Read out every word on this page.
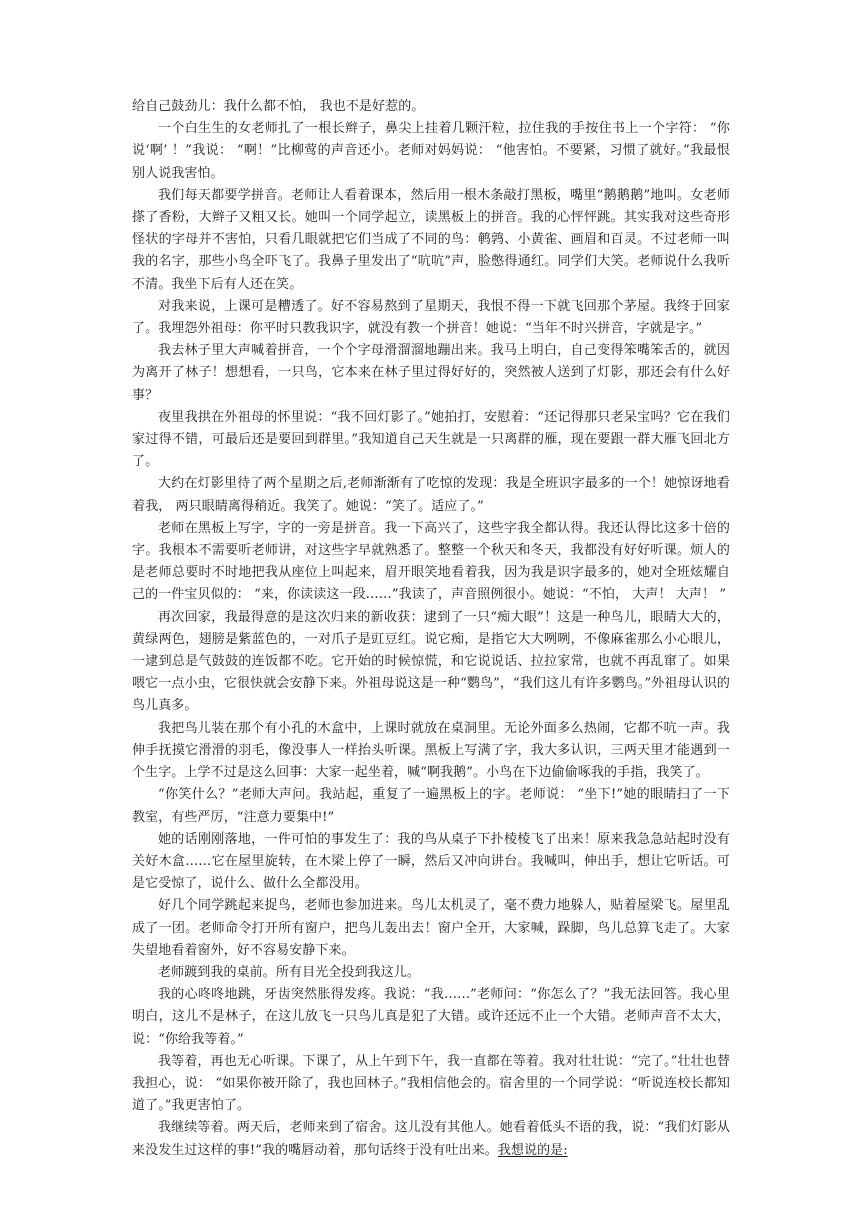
给自己鼓劲儿：我什么都不怕， 我也不是好惹的。

一个白生生的女老师扎了一根长辫子，鼻尖上挂着几颗汗粒，拉住我的手按住书上一个字符： “你说‘啊’ ！”我说： “啊！”比柳莺的声音还小。老师对妈妈说： “他害怕。不要紧，习惯了就好。”我最恨别人说我害怕。

我们每天都要学拼音。老师让人看着课本，然后用一根木条敲打黑板，嘴里“鹅鹅鹅”地叫。女老师搽了香粉，大辫子又粗又长。她叫一个同学起立，读黑板上的拼音。我的心怦怦跳。其实我对这些奇形怪状的字母并不害怕，只看几眼就把它们当成了不同的鸟：鹌鹑、小黄雀、画眉和百灵。不过老师一叫我的名字，那些小鸟全吓飞了。我鼻子里发出了“吭吭”声，脸憋得通红。同学们大笑。老师说什么我听不清。我坐下后有人还在笑。

对我来说，上课可是糟透了。好不容易熬到了星期天，我恨不得一下就飞回那个茅屋。我终于回家了。我埋怨外祖母：你平时只教我识字，就没有教一个拼音！她说：“当年不时兴拼音，字就是字。”

我去林子里大声喊着拼音，一个个字母滑溜溜地蹦出来。我马上明白，自己变得笨嘴笨舌的，就因为离开了林子！想想看，一只鸟，它本来在林子里过得好好的，突然被人送到了灯影，那还会有什么好事？

夜里我拱在外祖母的怀里说：“我不回灯影了。”她拍打，安慰着：“还记得那只老呆宝吗？它在我们家过得不错，可最后还是要回到群里。”我知道自己天生就是一只离群的雁，现在要跟一群大雁飞回北方了。

大约在灯影里待了两个星期之后,老师渐渐有了吃惊的发现：我是全班识字最多的一个！她惊讶地看着我， 两只眼睛离得稍近。我笑了。她说：“笑了。适应了。”

老师在黑板上写字，字的一旁是拼音。我一下高兴了，这些字我全都认得。我还认得比这多十倍的字。我根本不需要听老师讲，对这些字早就熟悉了。整整一个秋天和冬天，我都没有好好听课。烦人的是老师总要时不时地把我从座位上叫起来，眉开眼笑地看着我，因为我是识字最多的，她对全班炫耀自己的一件宝贝似的： “来，你读读这一段……”我读了，声音照例很小。她说：“不怕， 大声！ 大声！ ”

再次回家，我最得意的是这次归来的新收获：逮到了一只“痴大眼”！这是一种鸟儿，眼睛大大的，黄绿两色，翅膀是紫蓝色的，一对爪子是豇豆红。说它痴，是指它大大咧咧，不像麻雀那么小心眼儿，一逮到总是气鼓鼓的连饭都不吃。它开始的时候惊慌，和它说说话、拉拉家常，也就不再乱窜了。如果喂它一点小虫，它很快就会安静下来。外祖母说这是一种“鹦鸟”，“我们这儿有许多鹦鸟。”外祖母认识的鸟儿真多。

我把鸟儿装在那个有小孔的木盒中，上课时就放在桌洞里。无论外面多么热闹，它都不吭一声。我伸手抚摸它滑滑的羽毛，像没事人一样抬头听课。黑板上写满了字，我大多认识，三两天里才能遇到一个生字。上学不过是这么回事：大家一起坐着，喊“啊我鹅”。小鸟在下边偷偷啄我的手指，我笑了。

“你笑什么？”老师大声问。我站起，重复了一遍黑板上的字。老师说： “坐下!”她的眼睛扫了一下教室，有些严厉，“注意力要集中!”

她的话刚刚落地，一件可怕的事发生了：我的鸟从桌子下扑棱棱飞了出来！原来我急急站起时没有关好木盒……它在屋里旋转，在木梁上停了一瞬，然后又冲向讲台。我喊叫，伸出手，想让它听话。可是它受惊了，说什么、做什么全都没用。

好几个同学跳起来捉鸟，老师也参加进来。鸟儿太机灵了，毫不费力地躲人，贴着屋梁飞。屋里乱成了一团。老师命令打开所有窗户，把鸟儿轰出去！窗户全开，大家喊，跺脚，鸟儿总算飞走了。大家失望地看着窗外，好不容易安静下来。

老师踱到我的桌前。所有目光全投到我这儿。

我的心咚咚地跳，牙齿突然胀得发疼。我说：“我……”老师问：“你怎么了？”我无法回答。我心里明白，这儿不是林子，在这儿放飞一只鸟儿真是犯了大错。或许还远不止一个大错。老师声音不太大，说：“你给我等着。”

我等着，再也无心听课。下课了，从上午到下午，我一直都在等着。我对壮壮说：“完了。”壮壮也替我担心，说： “如果你被开除了，我也回林子。”我相信他会的。宿舍里的一个同学说：“听说连校长都知道了。”我更害怕了。

我继续等着。两天后，老师来到了宿舍。这儿没有其他人。她看着低头不语的我，说：“我们灯影从来没发生过这样的事!”我的嘴唇动着，那句话终于没有吐出来。我想说的是:
